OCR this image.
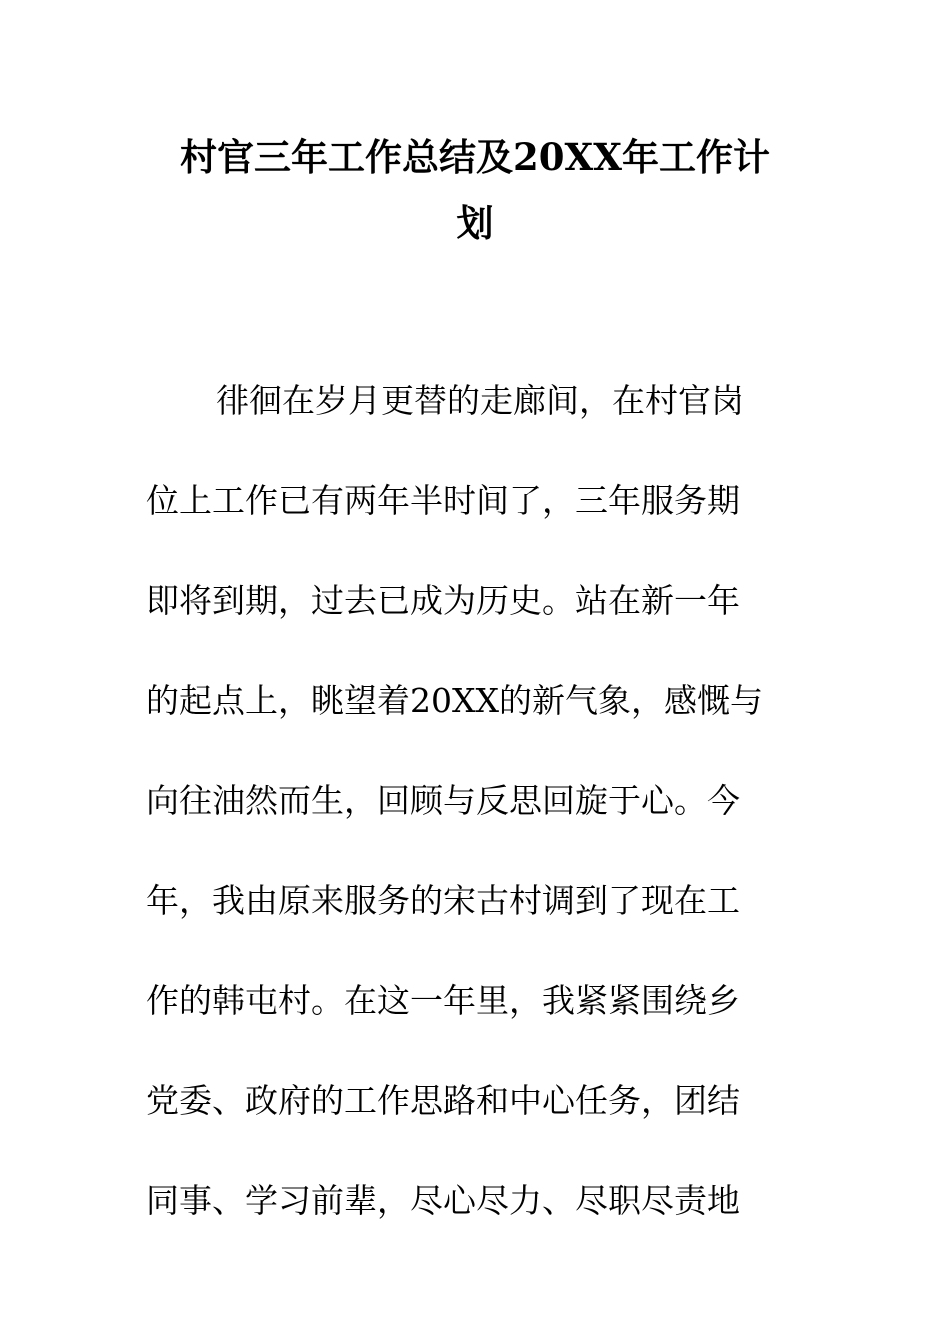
村官三年工作总结及20XX年工作计
划
徘徊在岁月更替的走廊间，在村官岗
位上工作已有两年半时间了，三年服务期
即将到期，过去已成为历史。站在新一年
的起点上，眺望着20XX的新气象，感慨与
向往油然而生，回顾与反思回旋于心。今
年，我由原来服务的宋古村调到了现在工
作的韩屯村。在这一年里，我紧紧围绕乡
党委、政府的工作思路和中心任务，团结
同事、学习前辈，尽心尽力、尽职尽责地
